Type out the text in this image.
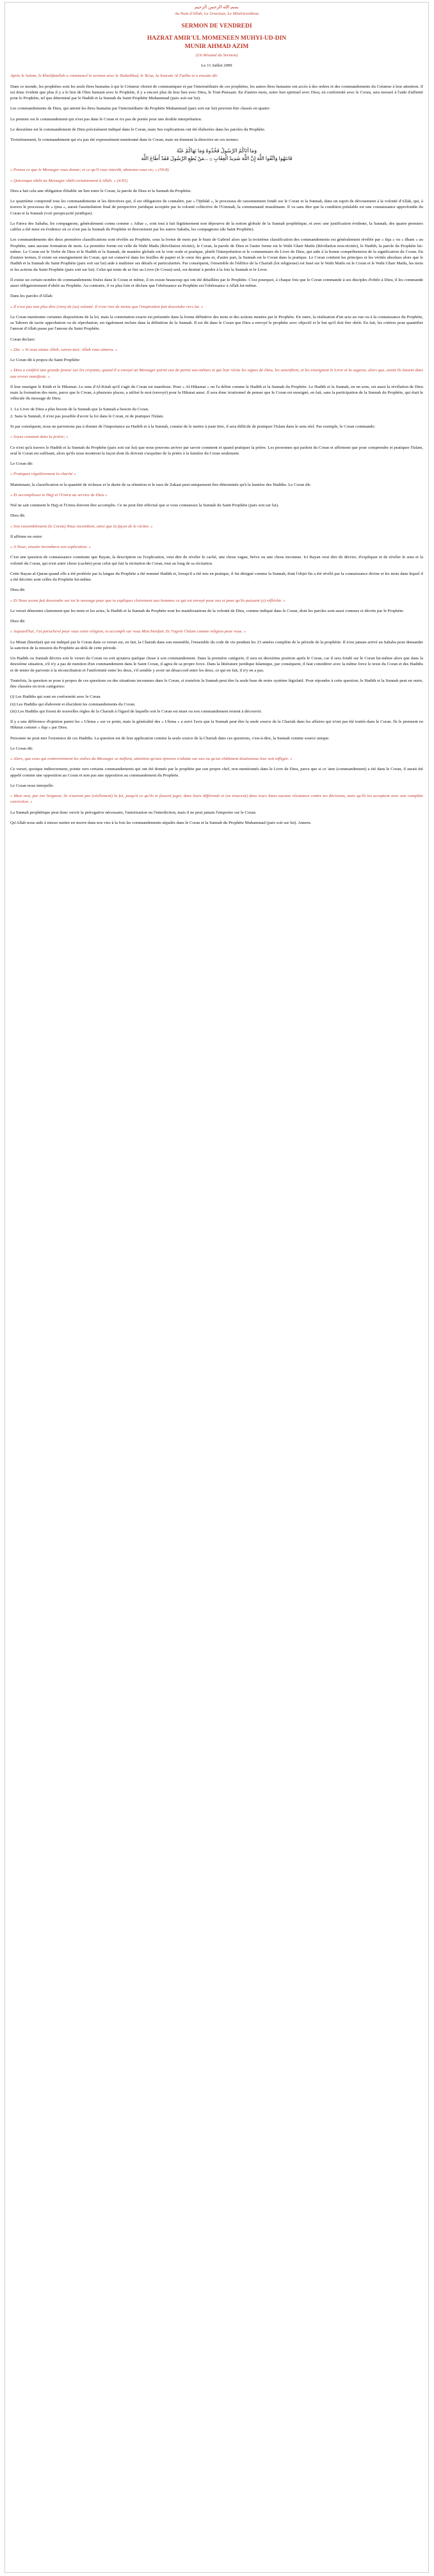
بسم الله الرحمن الرحيم
Au Nom d'Allah, Le Gracieux, Le Miséricordieux
SERMON DE VENDREDI
HAZRAT AMIR'UL MOMENEEN MUHYI-UD-DIN
MUNIR AHMAD AZIM
(Un Résumé du Sermon)
Le 11 Juillet 2009

Après le Salam, le Khalifatullah a commencé le sermon avec le Tashahhud, le Ta'uz, la Sourate Al Fatiha et a ensuite dit:

Dans ce monde, les prophètes sont les seuls êtres humains à qui le Créateur choisit de communiquer et par l'intermédiaire de ces prophètes, les autres êtres humains ont accès à des ordres et des commandements du Créateur à leur attention. Il est donc évident que plus il y a le lien de l'être humain avec le Prophète, il y a encore plus de leur lien avec Dieu, le Tout-Puissant. En d'autres mots, notre lien spirituel avec Dieu, en conformité avec le Coran, sera mesuré à l'aide d'affinité pour le Prophète, tel que déterminé par le Hadith et la Sunnah du Saint Prophète Muhammad (paix soit sur lui).

Les commandements de Dieu, qui atteint les êtres humains par l'intermédiaire du Prophète Muhammad (paix soit sur lui) peuvent être classés en quatre:

Le premier est le commandement qui n'est pas dans le Coran et n'a pas de portée pour une double interprétation.

Le deuxième est le commandement de Dieu précisément indiqué dans le Coran, mais Ses explications ont été élaborées dans les paroles du Prophète.

Troisièmement, le commandement qui n'a pas été expressément mentionné dans le Coran, mais en donnent la directive en ces termes:

وَمَا آتَاكُمُ الرَّسُولُ فَخُذُوهُ وَمَا نَهَاكُمْ عَنْهُ
فَانتَهُوا وَاتَّقُوا اللَّهَ إِنَّ اللَّهَ شَدِيدُ الْعِقَابِ ۞ ...مَنْ يُطِعِ الرَّسُولَ فَقَدْ أَطَاعَ اللَّهَ

« Prenez ce que le Messager vous donne; et ce qu'il vous interdit, abstenez-vous en; » (59:8)

« Quiconque obéit au Messager obéit certainement à Allah. » (4:81)

Dieu a fait cela une obligation d'établir un lien entre le Coran, la parole de Dieu et la Sunnah du Prophète.

Le quatrième comprend tous les commandements et les directives qui, il est obligatoire de connaître, par « l'Ijtihâd », le processus de raisonnement fondé sur le Coran et la Sunnah, dans un esprit de dévouement à la volonté d'Allah, qui, à travers le processus de « ijma », aurait l'assimilation final de perspective juridique acceptée par la volonté collective de l'Ummah, la communauté musulmane. Il va sans dire que la condition préalable est une connaissance approfondie du Coran et la Sunnah (voir perspicacité juridique).

La Fatwa des Sahaba, les compagnons, généralement connu comme « Athar », sont tout à fait légitimement non dépourvu de la notion globale de la Sunnah prophétique, et avec une justification évidente, la Sunnah, des quatre premiers califes a été mise en évidence où ce n'est pas la Sunnah du Prophète ni directement par les autres Sahaba, les compagnons (du Saint Prophète).

Les commandements des deux premières classifications sont révélés au Prophète, sous la forme de mots par le biais de Gabriel alors que la troisième classification des commandements est généralement révélée par « ilqa » ou « ilham » au Prophète, sans aucune formation de mots. La première forme est celle de Wahi Matlu (Révélation récitée), le Coran, la parole de Dieu et l'autre forme est le Wahi Ghair Matlu (Révélation non-récitée), le Hadith, la parole du Prophète lui-même. Le Coran est le Verbe de Dieu et le Hadith et la Sunnah, de manière globale est la voie orale et pratique, plutôt l'interprétation et le commentaire du Livre de Dieu, qui aide à la bonne compréhension de la signification du Coran. En d'autres termes, il existe un enseignement du Coran, qui est conservé dans les feuilles de papier et le cœur des gens et, d'autre part, la Sunnah est le Coran dans la pratique. Le Coran contient les principes et les vérités absolues alors que le Hadith et la Sunnah du Saint Prophète (paix soit sur lui) aide à maîtriser ses détails et particularités. Par conséquent, l'ensemble de l'édifice de la Chariah (loi religieuse) est basé sur le Wahi Matlu ou le Coran et le Wahi Ghair Matlu, les mots et les actions du Saint Prophète (paix soit sur lui). Celui qui tente de se fier au Livre (le Coran) seul, est destiné à perdre à la fois la Sunnah et le Livre.

Il existe un certain nombre de commandements fixées dans le Coran et même, il en existe beaucoup qui ont été détaillées par le Prophète. C'est pourquoi, à chaque fois que le Coran commande à ses disciples d'obéir à Dieu, il les commande aussi obligatoirement d'obéir au Prophète. Au contraire, il va plus loin et déclare que l'obéissance au Prophète est l'obéissance à Allah lui-même.

Dans les paroles d'Allah:

« Il n'est pas non plus dire (rien) de (sa) volonté. Il n'est rien de moins que l'inspiration fait descendre vers lui. »

Le Coran mentionne certaines dispositions de la loi, mais la connotation exacte est présentée dans la forme définitive des mots et des actions menées par le Prophète. En outre, la réalisation d'un acte au vue ou à la connaissance du Prophète, sa Tahreer de tacite approbation ou de réprobation, est également inclure dans la définition de la Sunnah. Il est dit dans le Coran que Dieu a envoyé le prophète avec objectif et le but qu'il doit être obéit. En fait, les critères pour quantifier l'amour d'Allah passe par l'amour du Saint Prophète.

Coran déclare:

« Dis: « Si vous aimez Allah, suivez-moi: Allah vous aimera. »

Le Coran dit à propos du Saint Prophète:

« Dieu a conféré une grande faveur sur les croyants, quand Il a envoyé un Messager parmi eux de parmi eux-mêmes et qui leur récite les signes de Dieu, les sanctifient, et les enseignent le Livre et la sagesse, alors que, avant ils étaient dans une erreur manifeste. »

Il leur enseigne le Kitāb et le Hikamat. Le sens d'Al-Kitab qu'il s'agit du Coran est manifeste. Pour « Al-Hikamat » on l'a défini comme le Hadith et la Sunnah du Prophète. Le Hadith et la Sunnah, en un sens, est aussi la révélation de Dieu mais la formation des mots, parce que le Coran, à plusieurs places, a utilisé le mot (envoyé) pour la Hikmat aussi. Il sera donc irrationnel de penser que le Coran est enseigné, en fait, sans la participation de la Sunnah du Prophète, qui était le véhicule du message de Dieu.

1. Le Livre de Dieu a plus besoin de la Sunnah que la Sunnah a besoin du Coran.
2. Sans la Sunnah, il n'est pas possible d'avoir la foi dans le Coran, ni de pratiquer l'Islam.

Si par conséquent, nous ne parvenons pas à donner de l'importance au Hadith et à la Sunnah, comme de le mettre à juste titre, il sera difficile de pratiquer l'Islam dans le sens réel. Par exemple, le Coran commande:

« Soyez constant dans la prière; »

Ce n'est qu'à travers le Hadith et la Sunnah du Prophète (paix soit sur lui) que nous pouvons arriver par savoir comment et quand pratiquer la prière. Les personnes qui parlent du Coran et affirment que pour comprendre et pratiquer l'Islam, seul le Coran est suffisant, alors qu'ils nous montrent la façon dont ils doivent s'acquitter de la prière à la lumière du Coran seulement.

Le Coran dit:

« Pratiquez régulièrement la charité »

Maintenant, la classification et la quantité de richesse et la durée de sa rétention et le taux de Zakaat peut uniquement être déterminée qu'à la lumière des Hadiths. Le Coran dit:

« Et accomplissez le Hajj et l'Umra au service de Dieu »

Nul ne sait comment le Hajj et l'Umra doivent être accomplis. Ce ne peut être effectué que si vous connaissez la Sunnah du Saint Prophète (paix soit sur lui).

Dieu dit:

« Son rassemblement (le Coran) Nous incombent, ainsi que la façon de le réciter. »

Il affirme en outre:

« A Nous, ensuite incombera son explication. »

C'est une question de connaissance commune que Bayan, la description ou l'explication, veut dire de révéler le caché, une chose vague, brève ou une chose inconnue. Ici Bayan veut dire de décrire, d'expliquer et de révéler le sens et la volonté du Coran, qui n'est autre chose (cachée) pour celui qui fait la récitation du Coran, tout au long de sa récitation.

Cette Bayan al-Quran quand elle a été proférée par la langue du Prophète a été nommé Hadith et, lorsqu'il a été mis en pratique, il fut désigné comme la Sunnah, dont l'objet fin a été révélé par la connaissance divine et les mots dans lequel il a été décrites sont celles du Prophète lui-même.

Dieu dit:

« Et Nous avons fait descendre sur toi le message pour que tu expliques clairement aux hommes ce qui est envoyé pour eux et pour qu'ils puissent (y) réfléchir. »

Le verset démontre clairement que les mots et les actes, le Hadith et la Sunnah du Prophète sont les manifestations de la volonté de Dieu, comme indiqué dans le Coran, dont les paroles sont aussi connues et décrits par le Prophète.

Dieu dit:

« Aujourd'hui, J'ai parachevé pour vous votre religion, et accompli sur vous Mon bienfait. Et J'agrée l'Islam comme religion pour vous. »

Le Minat (bienfait) qui est indiqué par le Coran dans ce verset est, en fait, la Chariah dans son ensemble, l'ensemble du code de vie pendant les 23 années complète de la période de la prophétie. Il n'est jamais arrivé au Sahaba pour demander la sanction de la mission du Prophète au-delà de cette période.

Un Hadith ou Sunnah décrira soit le verset du Coran ou soit ajoutera quelque chose à son commandement. Dans la première catégorie, il sera en deuxième position après le Coran, car il sera fondé sur le Coran lui-même alors que dans la deuxième situation, s'il n'y a pas de mention d'un commandement dans le Saint Coran, il agira de sa propre force. Dans la littérature juridique Islamique, par conséquent, il faut considérer avec la même force le texte du Coran et des Hadiths et de tenter de parvenir à la réconciliation et l'uniformité entre les deux, s'il semble y avoir un désaccord entre les deux, ce qui en fait, il n'y en a pas.

Toutefois, la question se pose à propos de ces questions ou des situations inconnues dans le Coran, si toutefois la Sunnah peut être la seule base de notre système législatif. Pour répondre à cette question, le Hadith et la Sunnah peut en outre, être classées en trois catégories:

(i) Les Hadiths qui sont en conformité avec le Coran.
(ii) Les Hadiths qui élaborent et élucident les commandements du Coran.
(iii) Les Hadiths qui fixent de nouvelles règles de la Chariah à l'égard de laquelle soit le Coran est muet ou son commandement restent à découvrir.

Il y a une différence d'opinion parmi les « Ulema » sur ce point, mais la généralité des « Ulema » a suivi l'avis que la Sunnah peut être la seule source de la Chariah dans les affaires qui n'ont pas été traités dans le Coran. Ils le prennent en Hikmat comme « ilqa » par Dieu.

Personne ne peut nier l'existence de ces Hadiths. La question est de leur application comme la seule source de la Chariah dans ces questions, c'est-à-dire, la Sunnah comme source unique.

Le Coran dit:

« Alors, que ceux qui contreviennent les ordres du Messager se méfient, attention qu'une épreuve n'abatte sur eux ou qu'un châtiment douloureux leur soit infligée. »

Ce verset, quoique indirectement, pointe vers certains commandements qui ont été donnés par le prophète par son propre chef, non mentionnés dans le Livre de Dieu, parce que si ce 'amr (commandement) a été dans le Coran, il aurait été appelé comme une opposition au Coran et non pas une opposition au commandement du Prophète.

Le Coran nous interpelle:

« Mais non, par ton Seigneur, ils n'auront pas (réellement) la foi, jusqu'à ce qu'ils te fassent juger, dans leurs différends et (ne trouvent) dans leurs âmes aucune résistance contre tes décisions, mais qu'ils les acceptent avec une complète conviction. »

La Sunnah prophétique peut donc ouvrir la prérogative nécessaire, l'autorisation ou l'interdiction, mais il ne peut jamais l'emporter sur le Coran.

Qu'Allah nous aide à mieux mettre en œuvre dans nos vies à la fois les commandements stipulés dans le Coran et la Sunnah du Prophète Muhammad (paix soit sur lui). Ameen.
